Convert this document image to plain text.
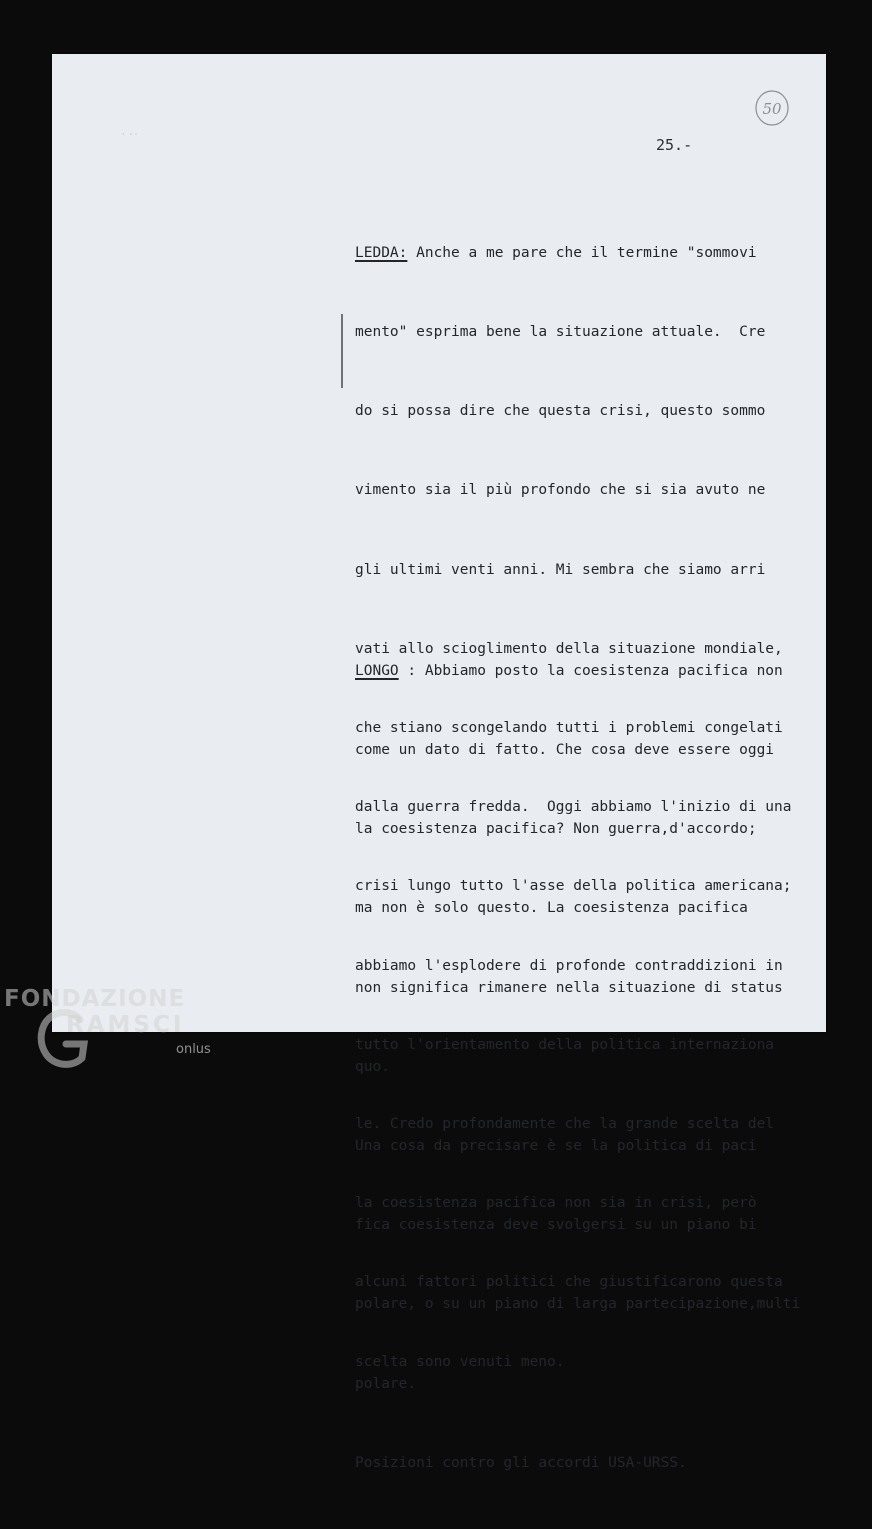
·  · ·
50
25.-

LEDDA: Anche a me pare che il termine "sommovi

mento" esprima bene la situazione attuale.  Cre

do si possa dire che questa crisi, questo sommo

vimento sia il più profondo che si sia avuto ne

gli ultimi venti anni. Mi sembra che siamo arri

vati allo scioglimento della situazione mondiale,

che stiano scongelando tutti i problemi congelati

dalla guerra fredda.  Oggi abbiamo l'inizio di una

crisi lungo tutto l'asse della politica americana;

abbiamo l'esplodere di profonde contraddizioni in

tutto l'orientamento della politica internaziona

le. Credo profondamente che la grande scelta del

la coesistenza pacifica non sia in crisi, però

alcuni fattori politici che giustificarono questa

scelta sono venuti meno.

LONGO : Abbiamo posto la coesistenza pacifica non

come un dato di fatto. Che cosa deve essere oggi

la coesistenza pacifica? Non guerra,d'accordo;

ma non è solo questo. La coesistenza pacifica

non significa rimanere nella situazione di status

quo.

Una cosa da precisare è se la politica di paci

fica coesistenza deve svolgersi su un piano bi

polare, o su un piano di larga partecipazione,multi

polare.

Posizioni contro gli accordi USA-URSS.

FONDAZIONE
RAMSCI
onlus
